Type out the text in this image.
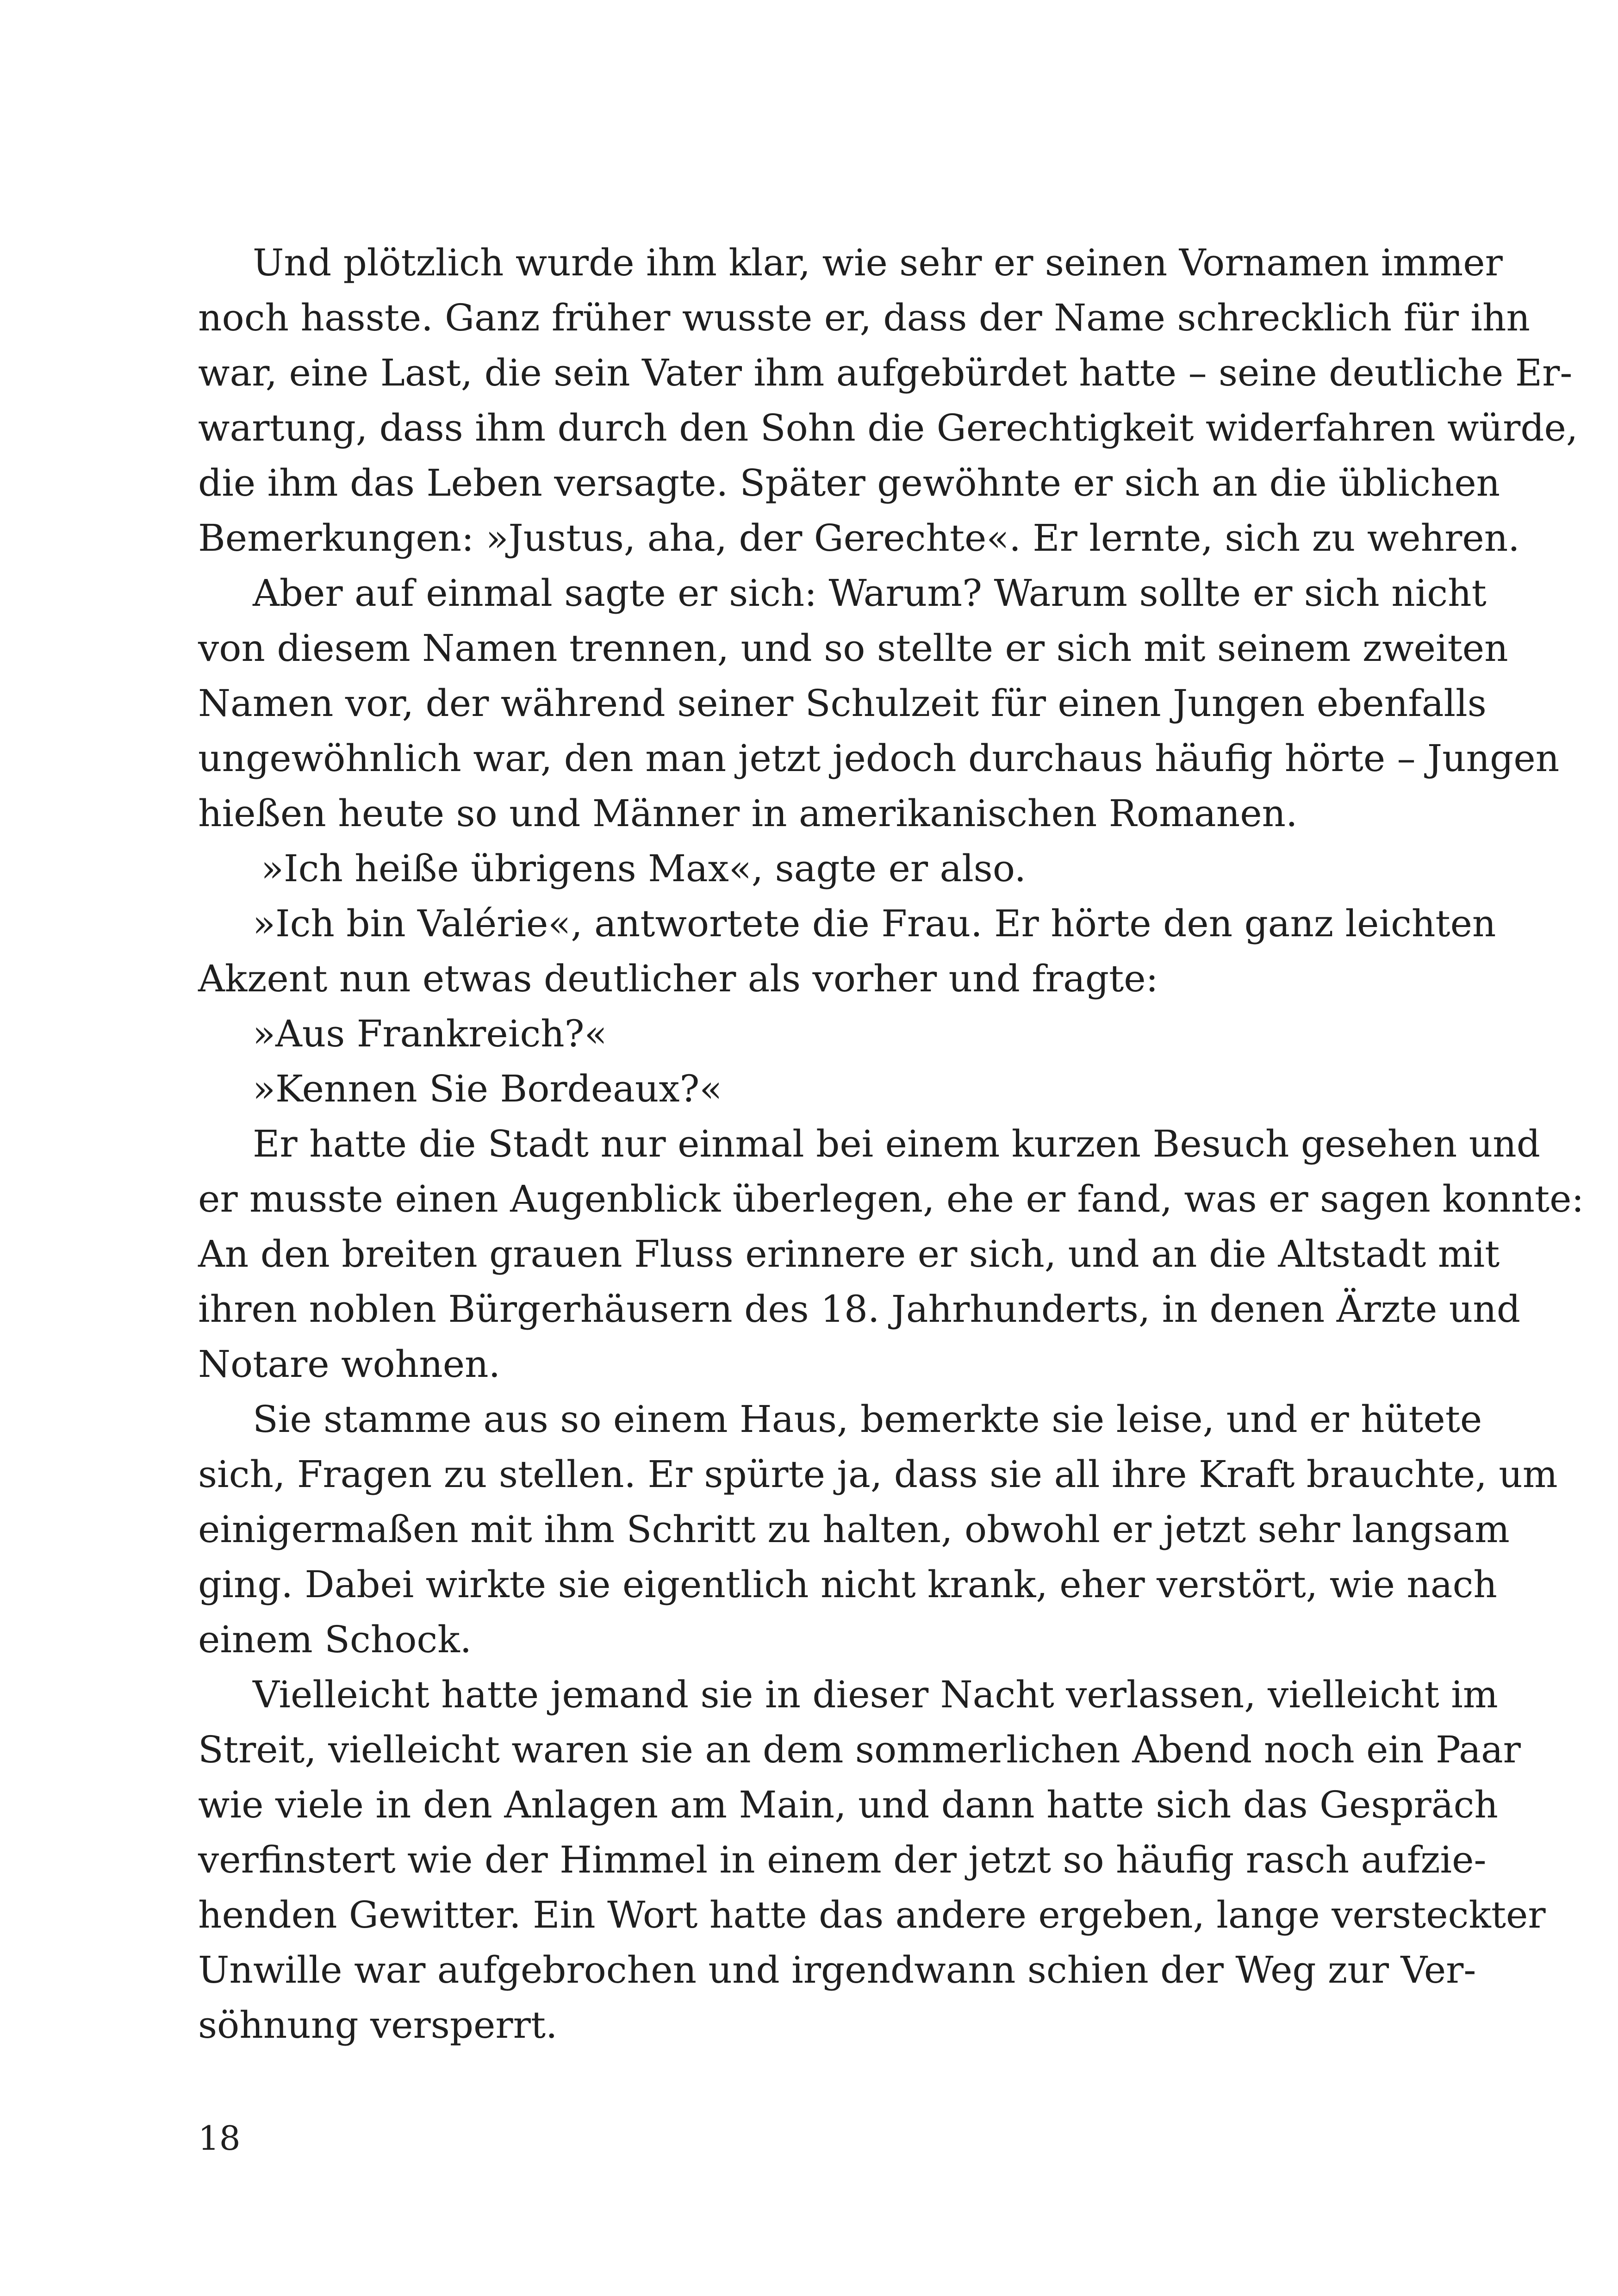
Und plötzlich wurde ihm klar, wie sehr er seinen Vornamen immer
noch hasste. Ganz früher wusste er, dass der Name schrecklich für ihn
war, eine Last, die sein Vater ihm aufgebürdet hatte – seine deutliche Er-
wartung, dass ihm durch den Sohn die Gerechtigkeit widerfahren würde,
die ihm das Leben versagte. Später gewöhnte er sich an die üblichen
Bemerkungen: »Justus, aha, der Gerechte«. Er lernte, sich zu wehren.
Aber auf einmal sagte er sich: Warum? Warum sollte er sich nicht
von diesem Namen trennen, und so stellte er sich mit seinem zweiten
Namen vor, der während seiner Schulzeit für einen Jungen ebenfalls
ungewöhnlich war, den man jetzt jedoch durchaus häufig hörte – Jungen
hießen heute so und Männer in amerikanischen Romanen.
»Ich heiße übrigens Max«, sagte er also.
»Ich bin Valérie«, antwortete die Frau. Er hörte den ganz leichten
Akzent nun etwas deutlicher als vorher und fragte:
»Aus Frankreich?«
»Kennen Sie Bordeaux?«
Er hatte die Stadt nur einmal bei einem kurzen Besuch gesehen und
er musste einen Augenblick überlegen, ehe er fand, was er sagen konnte:
An den breiten grauen Fluss erinnere er sich, und an die Altstadt mit
ihren noblen Bürgerhäusern des 18. Jahrhunderts, in denen Ärzte und
Notare wohnen.
Sie stamme aus so einem Haus, bemerkte sie leise, und er hütete
sich, Fragen zu stellen. Er spürte ja, dass sie all ihre Kraft brauchte, um
einigermaßen mit ihm Schritt zu halten, obwohl er jetzt sehr langsam
ging. Dabei wirkte sie eigentlich nicht krank, eher verstört, wie nach
einem Schock.
Vielleicht hatte jemand sie in dieser Nacht verlassen, vielleicht im
Streit, vielleicht waren sie an dem sommerlichen Abend noch ein Paar
wie viele in den Anlagen am Main, und dann hatte sich das Gespräch
verfinstert wie der Himmel in einem der jetzt so häufig rasch aufzie-
henden Gewitter. Ein Wort hatte das andere ergeben, lange versteckter
Unwille war aufgebrochen und irgendwann schien der Weg zur Ver-
söhnung versperrt.
18
